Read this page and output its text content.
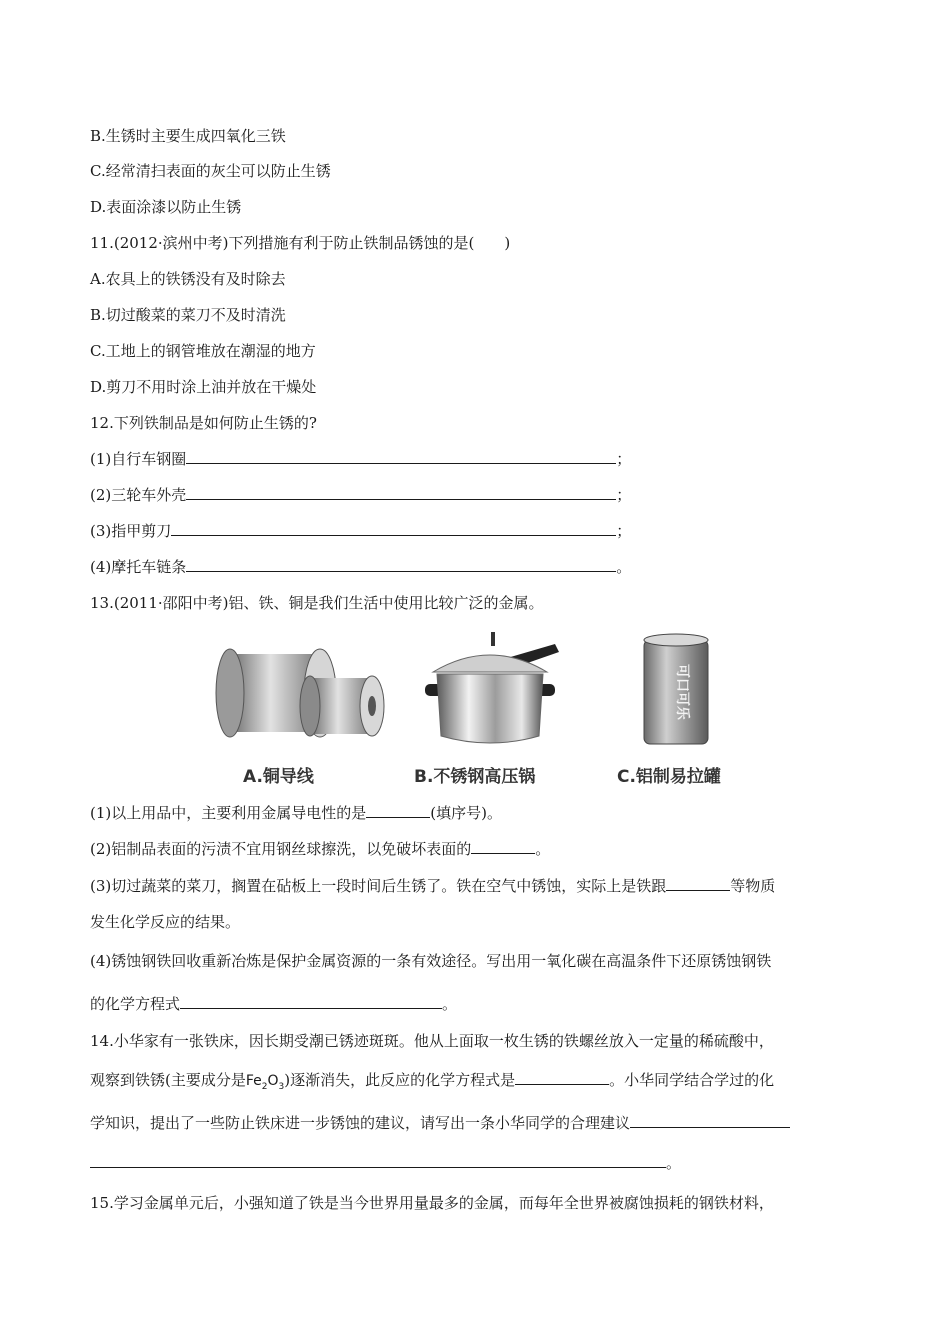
B.生锈时主要生成四氧化三铁
C.经常清扫表面的灰尘可以防止生锈
D.表面涂漆以防止生锈
11.(2012·滨州中考)下列措施有利于防止铁制品锈蚀的是(　　)
A.农具上的铁锈没有及时除去
B.切过酸菜的菜刀不及时清洗
C.工地上的钢管堆放在潮湿的地方
D.剪刀不用时涂上油并放在干燥处
12.下列铁制品是如何防止生锈的?
(1)自行车钢圈	；
(2)三轮车外壳	；
(3)指甲剪刀	；
(4)摩托车链条	。
13.(2011·邵阳中考)铝、铁、铜是我们生活中使用比较广泛的金属。
可口可乐
A.铜导线	B.不锈钢高压锅	C.铝制易拉罐
(1)以上用品中，主要利用金属导电性的是	(填序号)。
(2)铝制品表面的污渍不宜用钢丝球擦洗，以免破坏表面的	。
(3)切过蔬菜的菜刀，搁置在砧板上一段时间后生锈了。铁在空气中锈蚀，实际上是铁跟	等物质
发生化学反应的结果。
(4)锈蚀钢铁回收重新冶炼是保护金属资源的一条有效途径。写出用一氧化碳在高温条件下还原锈蚀钢铁
的化学方程式	。
14.小华家有一张铁床，因长期受潮已锈迹斑斑。他从上面取一枚生锈的铁螺丝放入一定量的稀硫酸中，
观察到铁锈(主要成分是$Fe_2O_3$)逐渐消失，此反应的化学方程式是	。小华同学结合学过的化
学知识，提出了一些防止铁床进一步锈蚀的建议，请写出一条小华同学的合理建议
。
15.学习金属单元后，小强知道了铁是当今世界用量最多的金属，而每年全世界被腐蚀损耗的钢铁材料，
